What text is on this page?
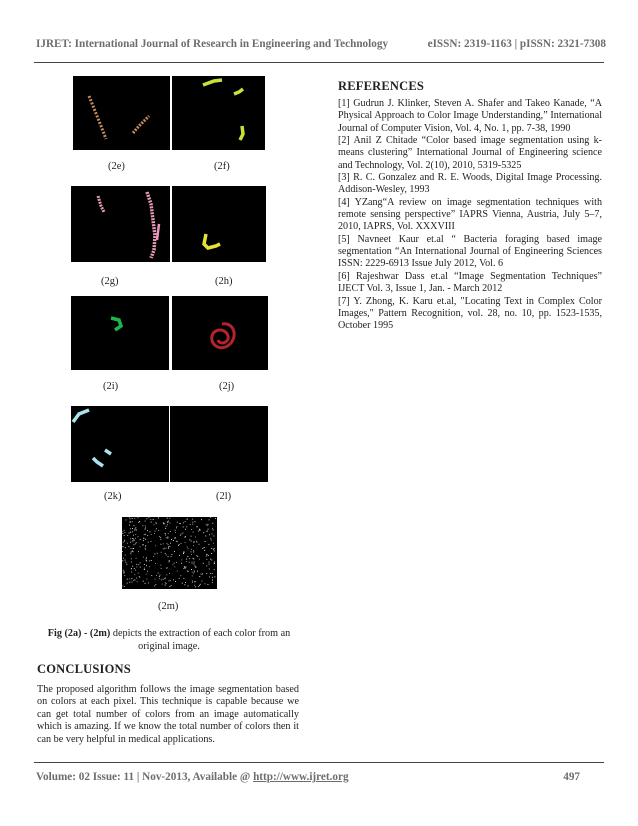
IJRET: International Journal of Research in Engineering and Technology	eISSN: 2319-1163 | pISSN: 2321-7308
(2e)	(2f)
(2g)	(2h)
(2i)	(2j)
(2k)	(2l)
(2m)
Fig (2a) - (2m) depicts the extraction of each color from an original image.
CONCLUSIONS
The proposed algorithm follows the image segmentation based on colors at each pixel. This technique is capable because we can get total number of colors from an image automatically which is amazing. If we know the total number of colors then it can be very helpful in medical applications.
REFERENCES

[1] Gudrun J. Klinker, Steven A. Shafer and Takeo Kanade, “A Physical Approach to Color Image Understanding,” International Journal of Computer Vision, Vol. 4, No. 1, pp. 7-38, 1990

[2] Anil Z Chitade “Color based image segmentation using k-means clustering” International Journal of Engineering science and Technology, Vol. 2(10), 2010, 5319-5325

[3] R. C. Gonzalez and R. E. Woods, Digital Image Processing. Addison-Wesley, 1993

[4] YZang“A review on image segmentation techniques with remote sensing perspective” IAPRS Vienna, Austria, July 5–7, 2010, IAPRS, Vol. XXXVIII

[5] Navneet Kaur et.al “ Bacteria foraging based image segmentation “An International Journal of Engineering Sciences ISSN: 2229-6913 Issue July 2012, Vol. 6

[6] Rajeshwar Dass et.al “Image Segmentation Techniques” IJECT Vol. 3, Issue 1, Jan. - March 2012

[7] Y. Zhong, K. Karu et.al, "Locating Text in Complex Color Images," Pattern Recognition, vol. 28, no. 10, pp. 1523-1535, October 1995

Volume: 02 Issue: 11 | Nov-2013, Available @ http://www.ijret.org	497
